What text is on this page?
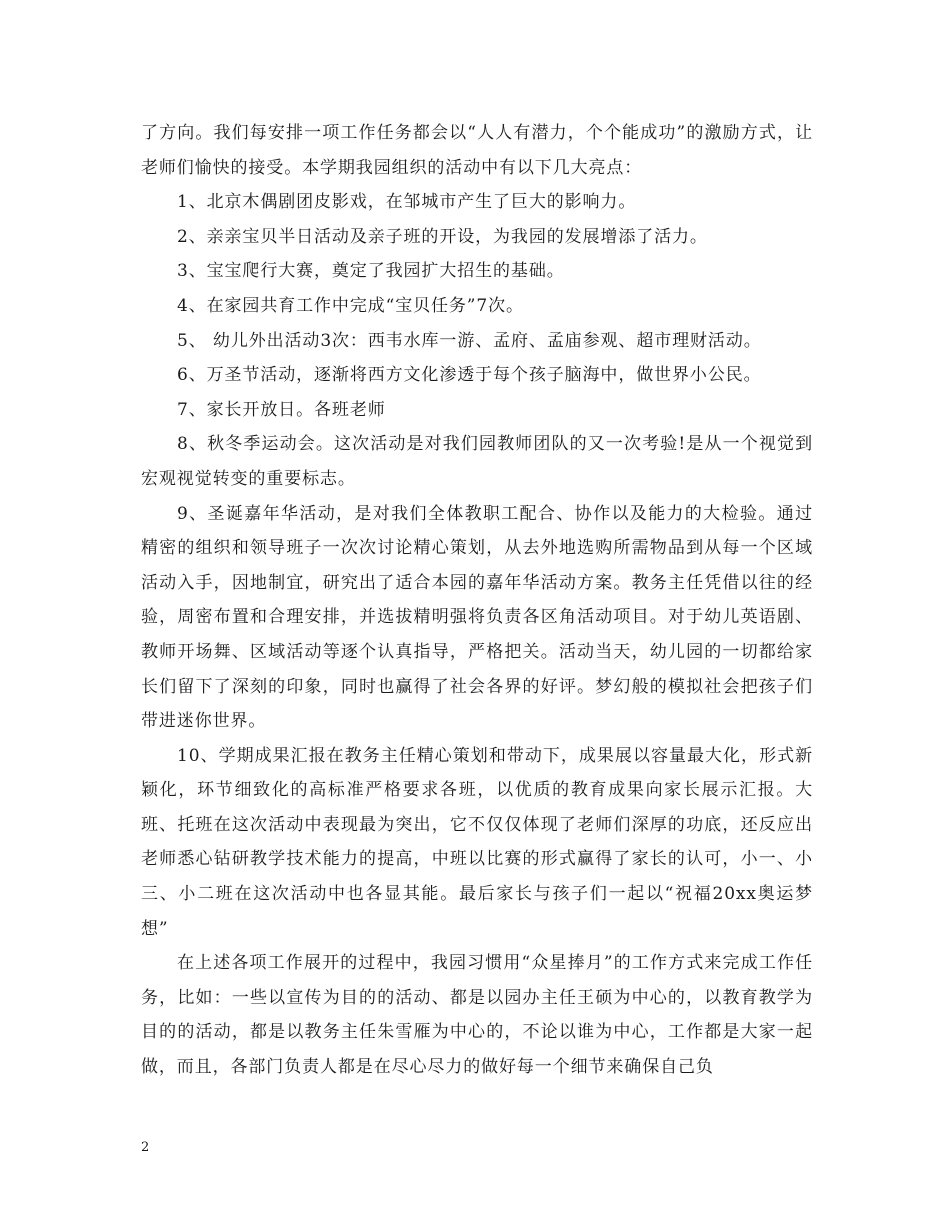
了方向。我们每安排一项工作任务都会以“人人有潜力，个个能成功”的激励方式，让老师们愉快的接受。本学期我园组织的活动中有以下几大亮点：

1、北京木偶剧团皮影戏，在邹城市产生了巨大的影响力。

2、亲亲宝贝半日活动及亲子班的开设，为我园的发展增添了活力。

3、宝宝爬行大赛，奠定了我园扩大招生的基础。

4、在家园共育工作中完成“宝贝任务”7次。

5、 幼儿外出活动3次：西韦水库一游、孟府、孟庙参观、超市理财活动。

6、万圣节活动，逐渐将西方文化渗透于每个孩子脑海中，做世界小公民。

7、家长开放日。各班老师

8、秋冬季运动会。这次活动是对我们园教师团队的又一次考验!是从一个视觉到宏观视觉转变的重要标志。

9、圣诞嘉年华活动，是对我们全体教职工配合、协作以及能力的大检验。通过精密的组织和领导班子一次次讨论精心策划，从去外地选购所需物品到从每一个区域活动入手，因地制宜，研究出了适合本园的嘉年华活动方案。教务主任凭借以往的经验，周密布置和合理安排，并选拔精明强将负责各区角活动项目。对于幼儿英语剧、教师开场舞、区域活动等逐个认真指导，严格把关。活动当天，幼儿园的一切都给家长们留下了深刻的印象，同时也赢得了社会各界的好评。梦幻般的模拟社会把孩子们带进迷你世界。

10、学期成果汇报在教务主任精心策划和带动下，成果展以容量最大化，形式新颖化，环节细致化的高标准严格要求各班，以优质的教育成果向家长展示汇报。大班、托班在这次活动中表现最为突出，它不仅仅体现了老师们深厚的功底，还反应出老师悉心钻研教学技术能力的提高，中班以比赛的形式赢得了家长的认可，小一、小三、小二班在这次活动中也各显其能。最后家长与孩子们一起以“祝福20xx奥运梦想”

在上述各项工作展开的过程中，我园习惯用“众星捧月”的工作方式来完成工作任务，比如：一些以宣传为目的的活动、都是以园办主任王硕为中心的，以教育教学为目的的活动，都是以教务主任朱雪雁为中心的，不论以谁为中心，工作都是大家一起做，而且，各部门负责人都是在尽心尽力的做好每一个细节来确保自己负

2
